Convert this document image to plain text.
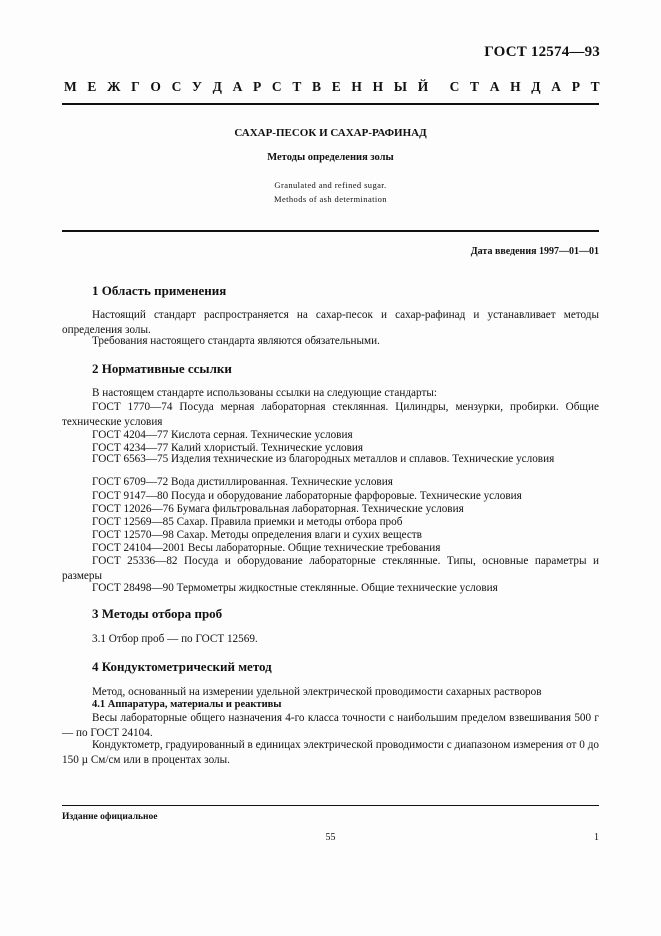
ГОСТ 12574—93
М Е Ж Г О С У Д А Р С Т В Е Н Н Ы Й С Т А Н Д А Р Т
САХАР-ПЕСОК И САХАР-РАФИНАД
Методы определения золы
Granulated and refined sugar.
Methods of ash determination
Дата введения 1997—01—01
1 Область применения
Настоящий стандарт распространяется на сахар-песок и сахар-рафинад и устанавливает методы определения золы.
Требования настоящего стандарта являются обязательными.
2 Нормативные ссылки
В настоящем стандарте использованы ссылки на следующие стандарты:
ГОСТ 1770—74 Посуда мерная лабораторная стеклянная. Цилиндры, мензурки, пробирки. Общие технические условия
ГОСТ 4204—77 Кислота серная. Технические условия
ГОСТ 4234—77 Калий хлористый. Технические условия
ГОСТ 6563—75 Изделия технические из благородных металлов и сплавов. Технические условия
ГОСТ 6709—72 Вода дистиллированная. Технические условия
ГОСТ 9147—80 Посуда и оборудование лабораторные фарфоровые. Технические условия
ГОСТ 12026—76 Бумага фильтровальная лабораторная. Технические условия
ГОСТ 12569—85 Сахар. Правила приемки и методы отбора проб
ГОСТ 12570—98 Сахар. Методы определения влаги и сухих веществ
ГОСТ 24104—2001 Весы лабораторные. Общие технические требования
ГОСТ 25336—82 Посуда и оборудование лабораторные стеклянные. Типы, основные параметры и размеры
ГОСТ 28498—90 Термометры жидкостные стеклянные. Общие технические условия
3 Методы отбора проб
3.1 Отбор проб — по ГОСТ 12569.
4 Кондуктометрический метод
Метод, основанный на измерении удельной электрической проводимости сахарных растворов
4.1 Аппаратура, материалы и реактивы
Весы лабораторные общего назначения 4-го класса точности с наибольшим пределом взвешивания 500 г — по ГОСТ 24104.
Кондуктометр, градуированный в единицах электрической проводимости с диапазоном измерения от 0 до 150 µ См/см или в процентах золы.
Издание официальное
55	1
